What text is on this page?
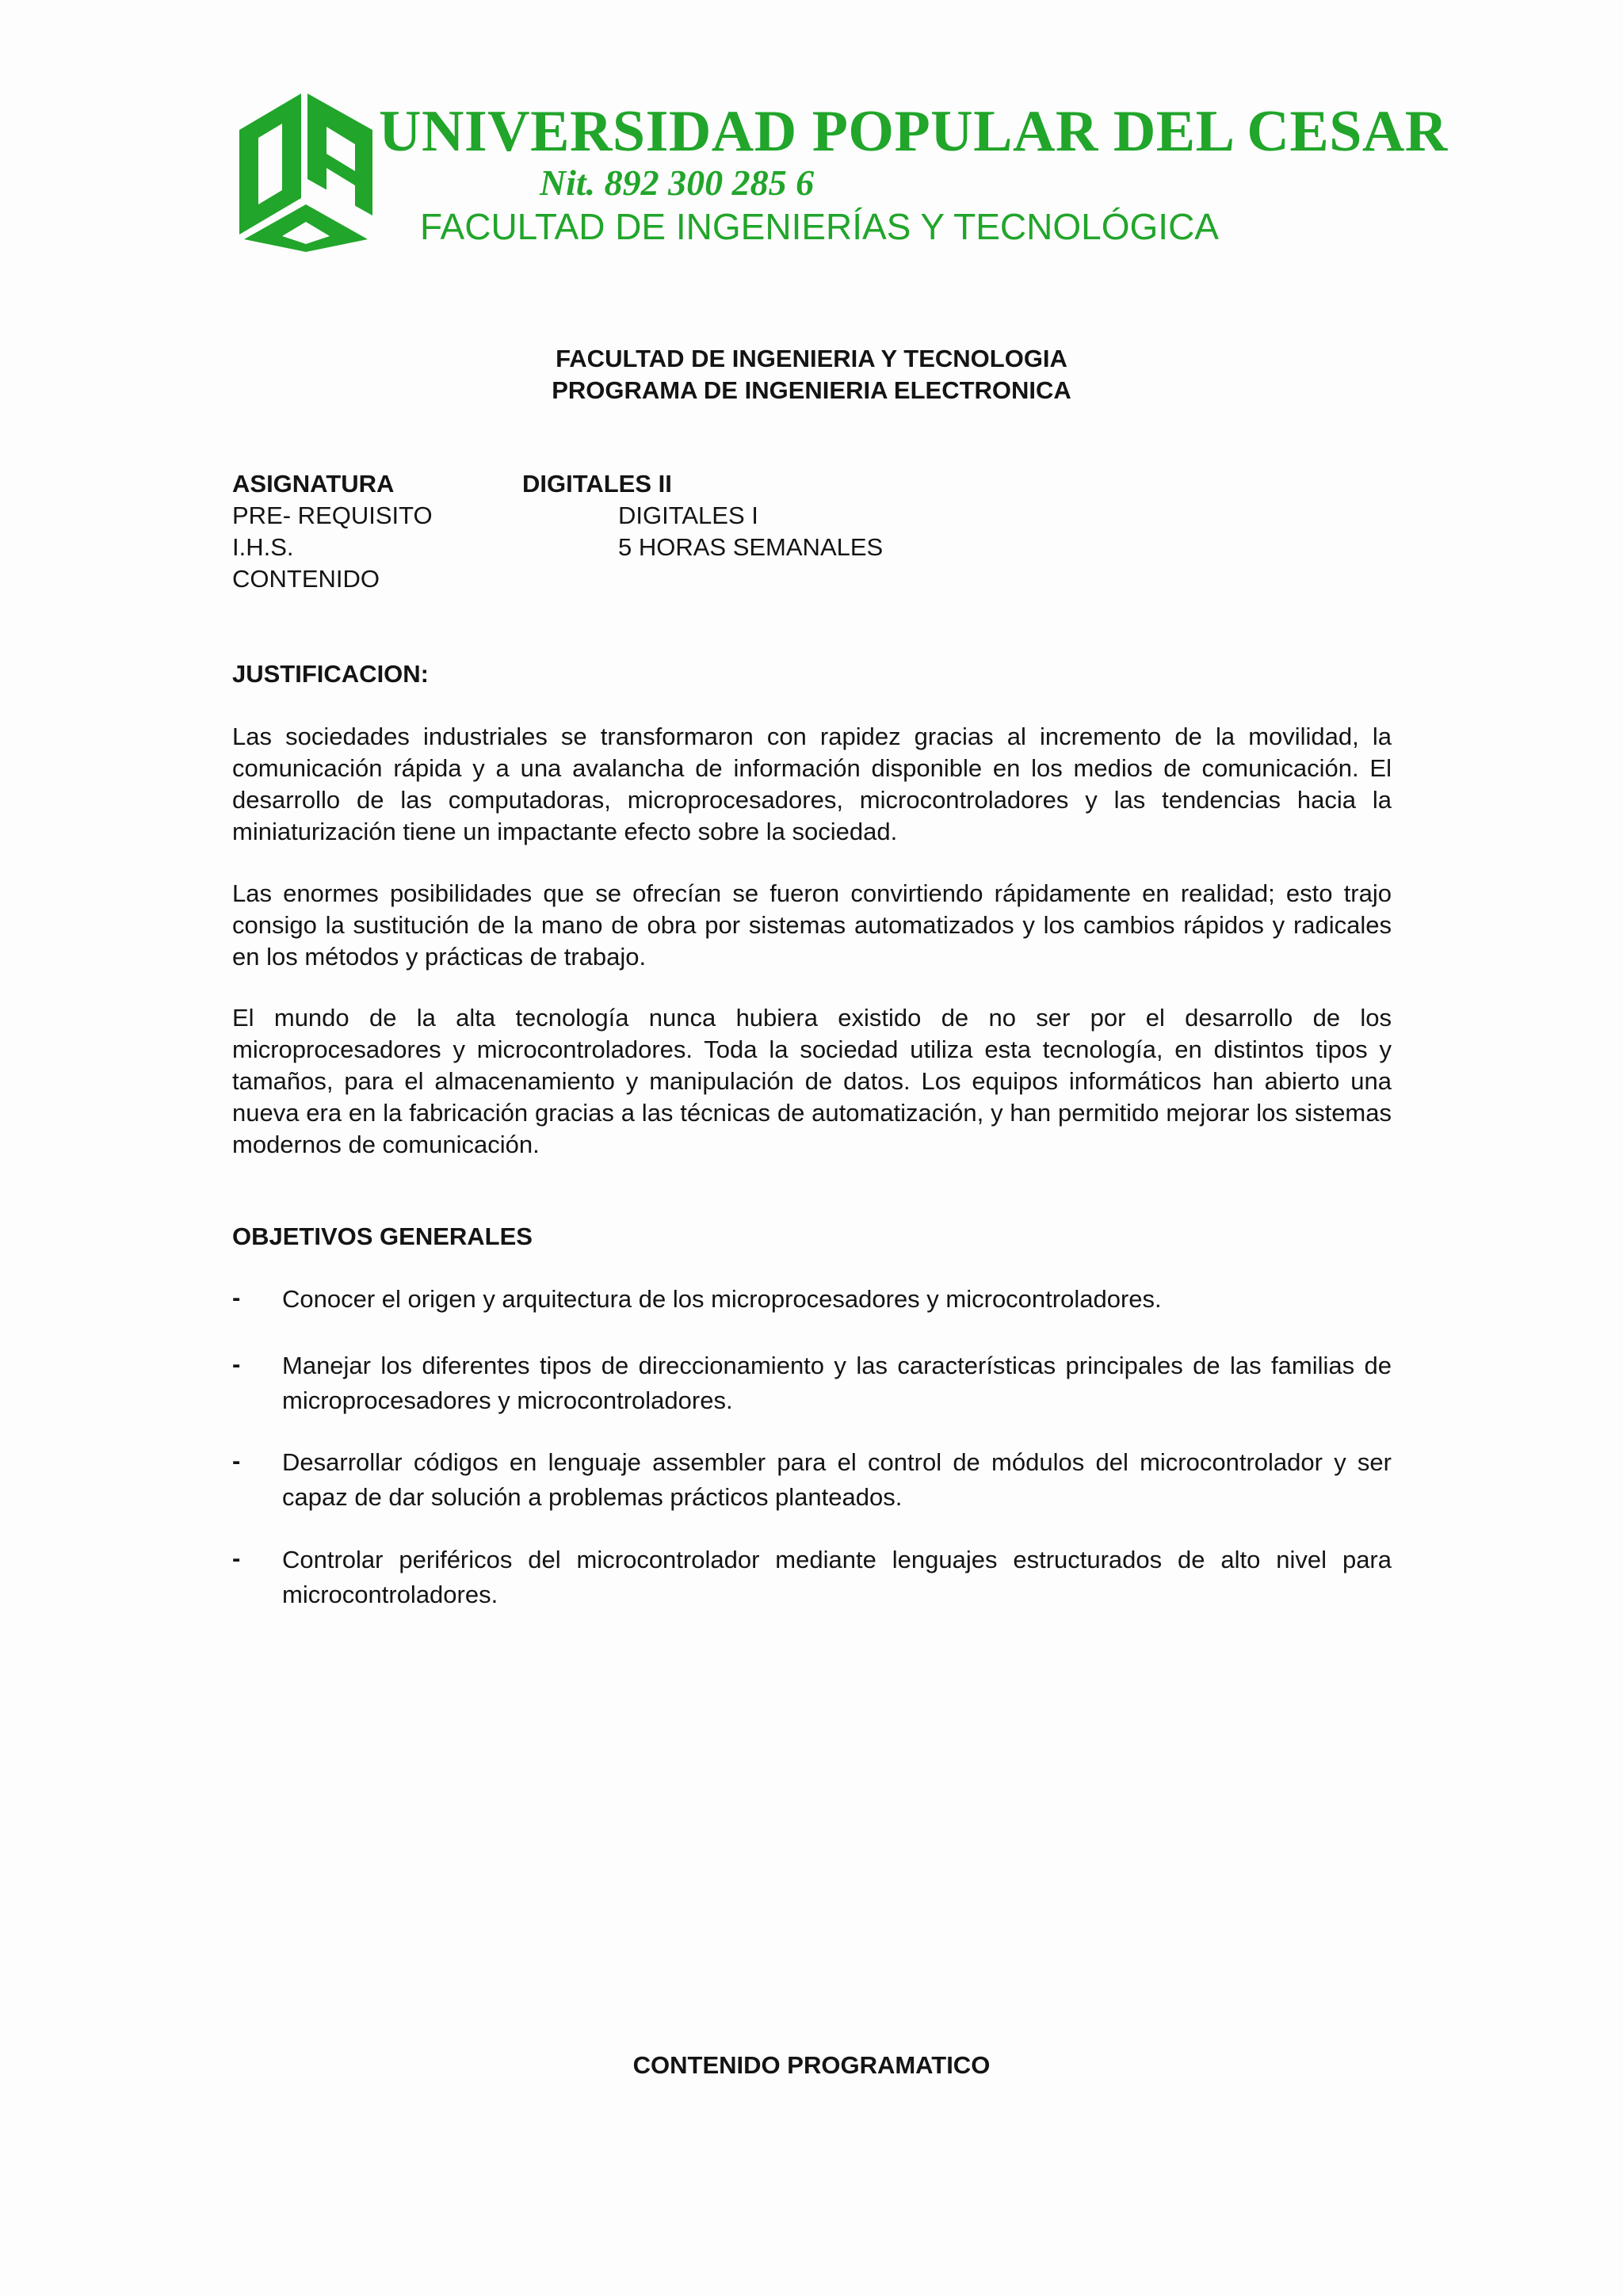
UNIVERSIDAD POPULAR DEL CESAR
Nit. 892 300 285 6
FACULTAD DE INGENIERÍAS Y TECNOLÓGICA
FACULTAD DE INGENIERIA Y TECNOLOGIA
PROGRAMA DE INGENIERIA ELECTRONICA
ASIGNATURA	DIGITALES II
PRE- REQUISITO	DIGITALES I
I.H.S.	5 HORAS SEMANALES
CONTENIDO
JUSTIFICACION:
Las sociedades industriales se transformaron con rapidez gracias al incremento de la movilidad, la comunicación rápida y a una avalancha de información disponible en los medios de comunicación. El desarrollo de las computadoras, microprocesadores, microcontroladores y las tendencias hacia la miniaturización tiene un impactante efecto sobre la sociedad.
Las enormes posibilidades que se ofrecían se fueron convirtiendo rápidamente en realidad; esto trajo consigo la sustitución de la mano de obra por sistemas automatizados y los cambios rápidos y radicales en los métodos y prácticas de trabajo.
El mundo de la alta tecnología nunca hubiera existido de no ser por el desarrollo de los microprocesadores y microcontroladores. Toda la sociedad utiliza esta tecnología, en distintos tipos y tamaños, para el almacenamiento y manipulación de datos. Los equipos informáticos han abierto una nueva era en la fabricación gracias a las técnicas de automatización, y han permitido mejorar los sistemas modernos de comunicación.
OBJETIVOS GENERALES
- Conocer el origen y arquitectura de los microprocesadores y microcontroladores.
- Manejar los diferentes tipos de direccionamiento y las características principales de las familias de microprocesadores y microcontroladores.
- Desarrollar códigos en lenguaje assembler para el control de módulos del microcontrolador y ser capaz de dar solución a problemas prácticos planteados.
- Controlar periféricos del microcontrolador mediante lenguajes estructurados de alto nivel para microcontroladores.
CONTENIDO PROGRAMATICO
